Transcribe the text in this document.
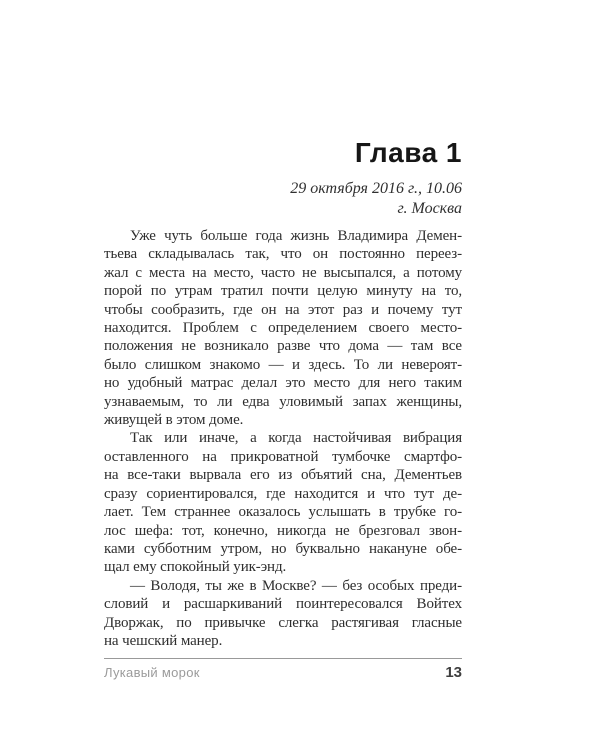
Глава 1
29 октября 2016 г., 10.06
г. Москва
Уже чуть больше года жизнь Владимира Демен-
тьева складывалась так, что он постоянно переез-
жал с места на место, часто не высыпался, а потому
порой по утрам тратил почти целую минуту на то,
чтобы сообразить, где он на этот раз и почему тут
находится. Проблем с определением своего место-
положения не возникало разве что дома — там все
было слишком знакомо — и здесь. То ли невероят-
но удобный матрас делал это место для него таким
узнаваемым, то ли едва уловимый запах женщины,
живущей в этом доме.
Так или иначе, а когда настойчивая вибрация
оставленного на прикроватной тумбочке смартфо-
на все-таки вырвала его из объятий сна, Дементьев
сразу сориентировался, где находится и что тут де-
лает. Тем страннее оказалось услышать в трубке го-
лос шефа: тот, конечно, никогда не брезговал звон-
ками субботним утром, но буквально накануне обе-
щал ему спокойный уик-энд.
— Володя, ты же в Москве? — без особых преди-
словий и расшаркиваний поинтересовался Войтех
Дворжак, по привычке слегка растягивая гласные
на чешский манер.
Лукавый морок	13
